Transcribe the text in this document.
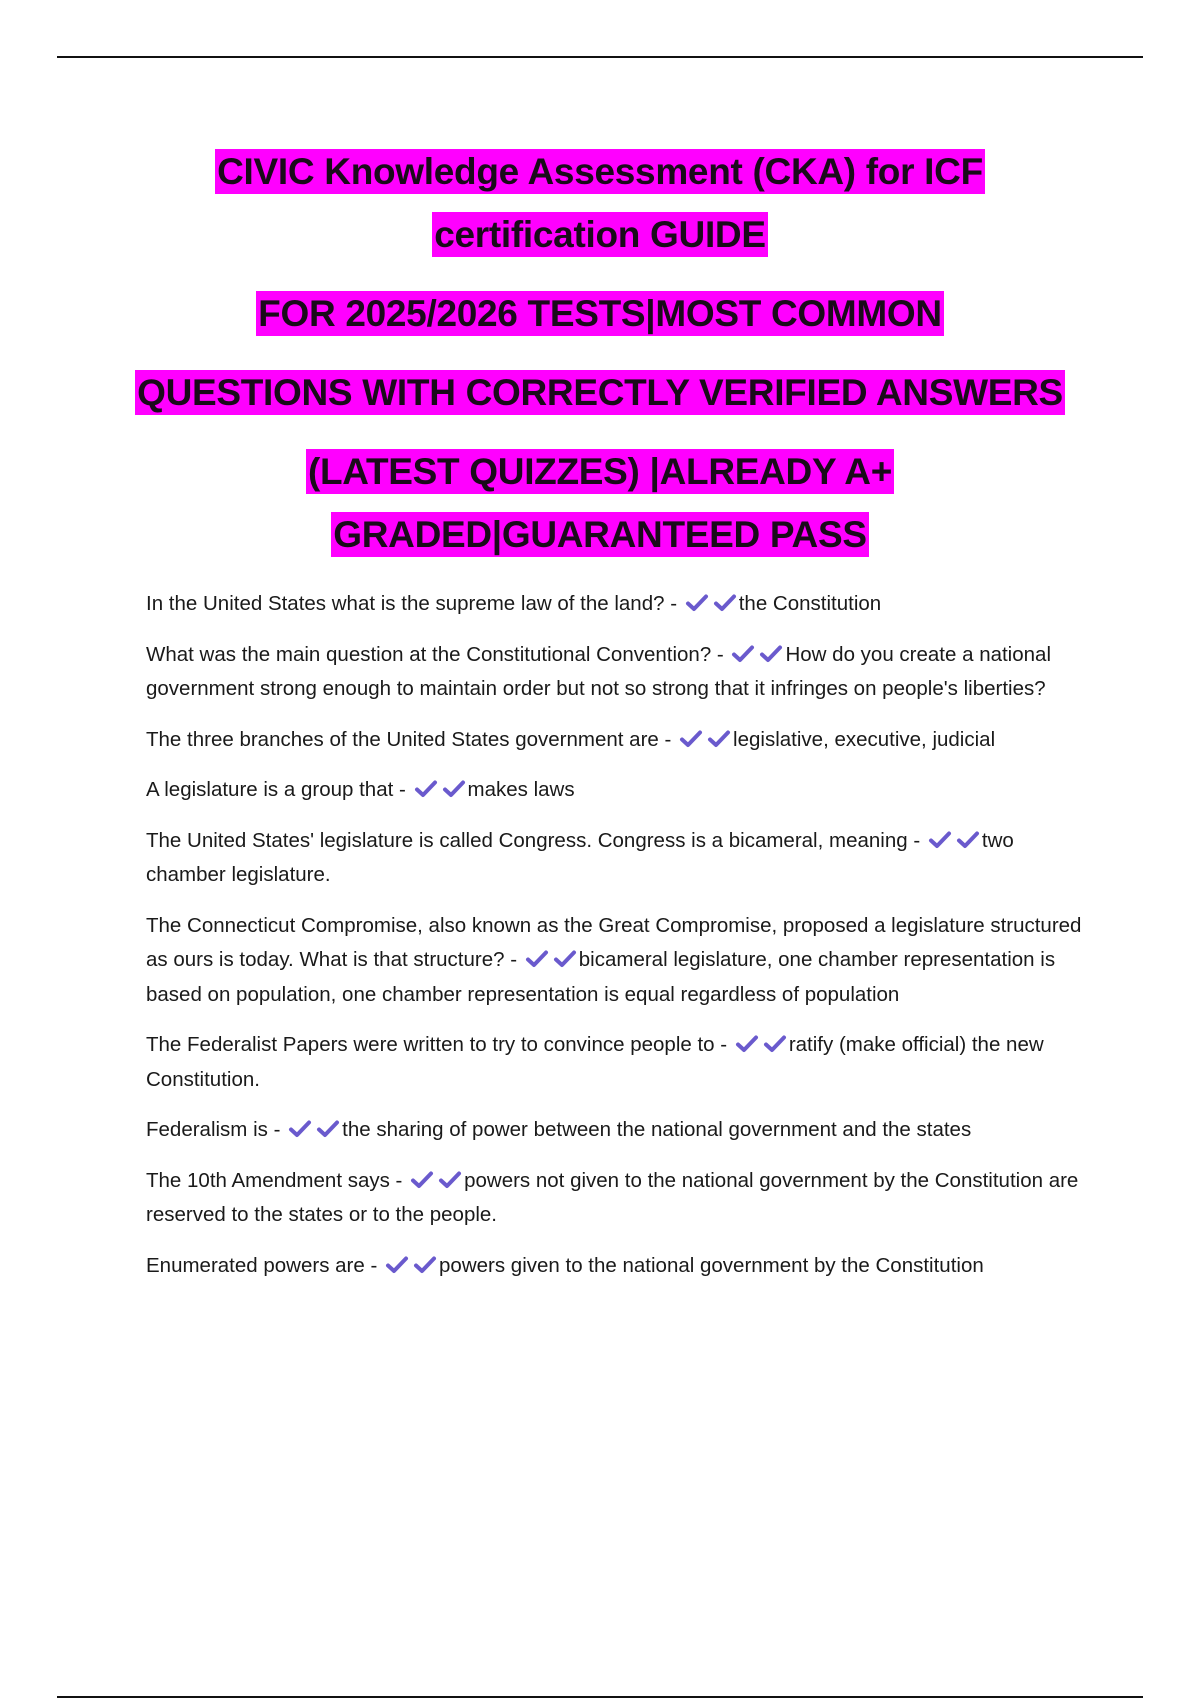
CIVIC Knowledge Assessment (CKA) for ICF
certification GUIDE
FOR 2025/2026 TESTS|MOST COMMON
QUESTIONS WITH CORRECTLY VERIFIED ANSWERS
(LATEST QUIZZES) |ALREADY A+
GRADED|GUARANTEED PASS

In the United States what is the supreme law of the land? -	the Constitution

What was the main question at the Constitutional Convention? -	How do you create a national government strong enough to maintain order but not so strong that it infringes on people's liberties?

The three branches of the United States government are -	legislative, executive, judicial

A legislature is a group that -	makes laws

The United States' legislature is called Congress. Congress is a bicameral, meaning -	two chamber legislature.

The Connecticut Compromise, also known as the Great Compromise, proposed a legislature structured as ours is today. What is that structure? -	bicameral legislature, one chamber representation is based on population, one chamber representation is equal regardless of population

The Federalist Papers were written to try to convince people to -	ratify (make official) the new Constitution.

Federalism is -	the sharing of power between the national government and the states

The 10th Amendment says -	powers not given to the national government by the Constitution are reserved to the states or to the people.

Enumerated powers are -	powers given to the national government by the Constitution
